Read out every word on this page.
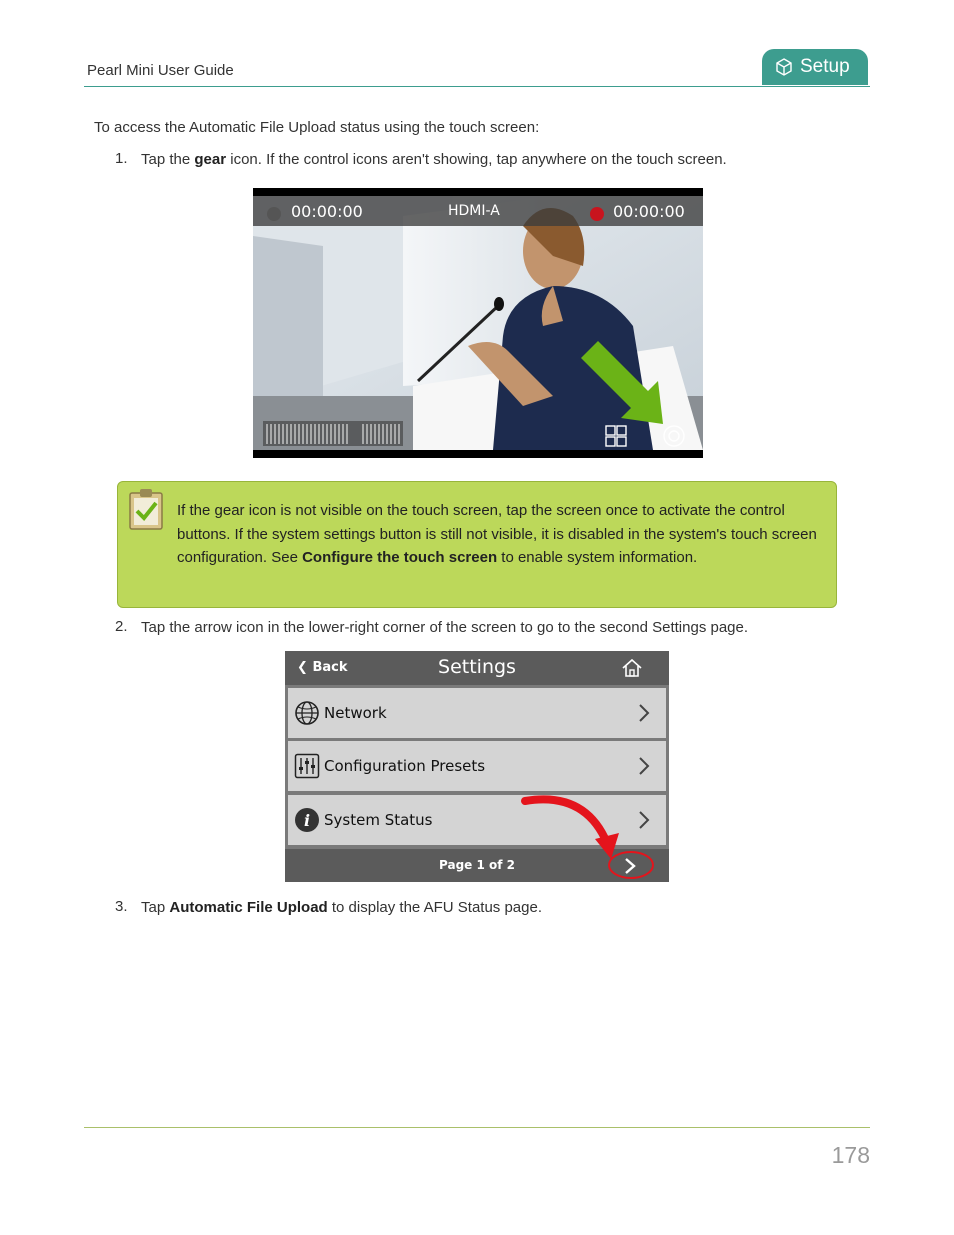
Pearl Mini User Guide	Setup
To access the Automatic File Upload status using the touch screen:
1. Tap the gear icon. If the control icons aren't showing, tap anywhere on the touch screen.
00:00:00	HDMI-A	00:00:00
If the gear icon is not visible on the touch screen, tap the screen once to activate the control buttons. If the system settings button is still not visible, it is disabled in the system's touch screen configuration. See Configure the touch screen to enable system information.
2. Tap the arrow icon in the lower-right corner of the screen to go to the second Settings page.
❮ Back	Settings
Network
Configuration Presets
i System Status
Page 1 of 2
3. Tap Automatic File Upload to display the AFU Status page.
178
